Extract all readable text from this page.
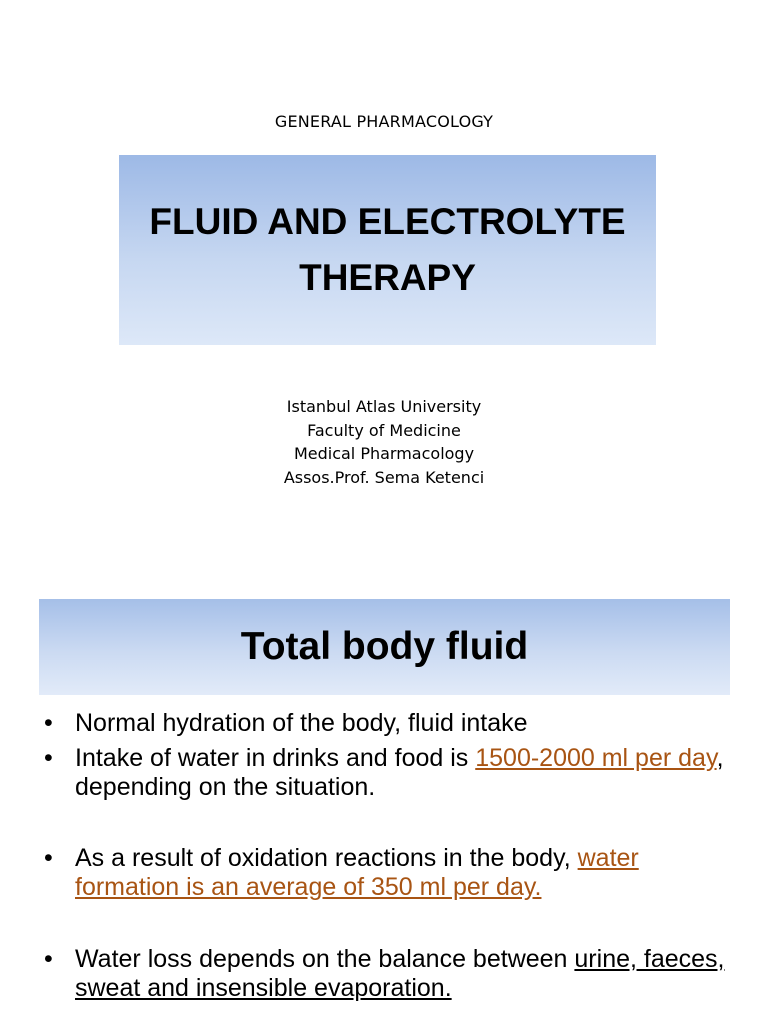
GENERAL PHARMACOLOGY
FLUID AND ELECTROLYTE
THERAPY
Istanbul Atlas University
Faculty of Medicine
Medical Pharmacology
Assos.Prof. Sema Ketenci
Total body fluid
• Normal hydration of the body, fluid intake
• Intake of water in drinks and food is 1500-2000 ml per day, depending on the situation.
• As a result of oxidation reactions in the body, water formation is an average of 350 ml per day.
• Water loss depends on the balance between urine, faeces, sweat and insensible evaporation.
